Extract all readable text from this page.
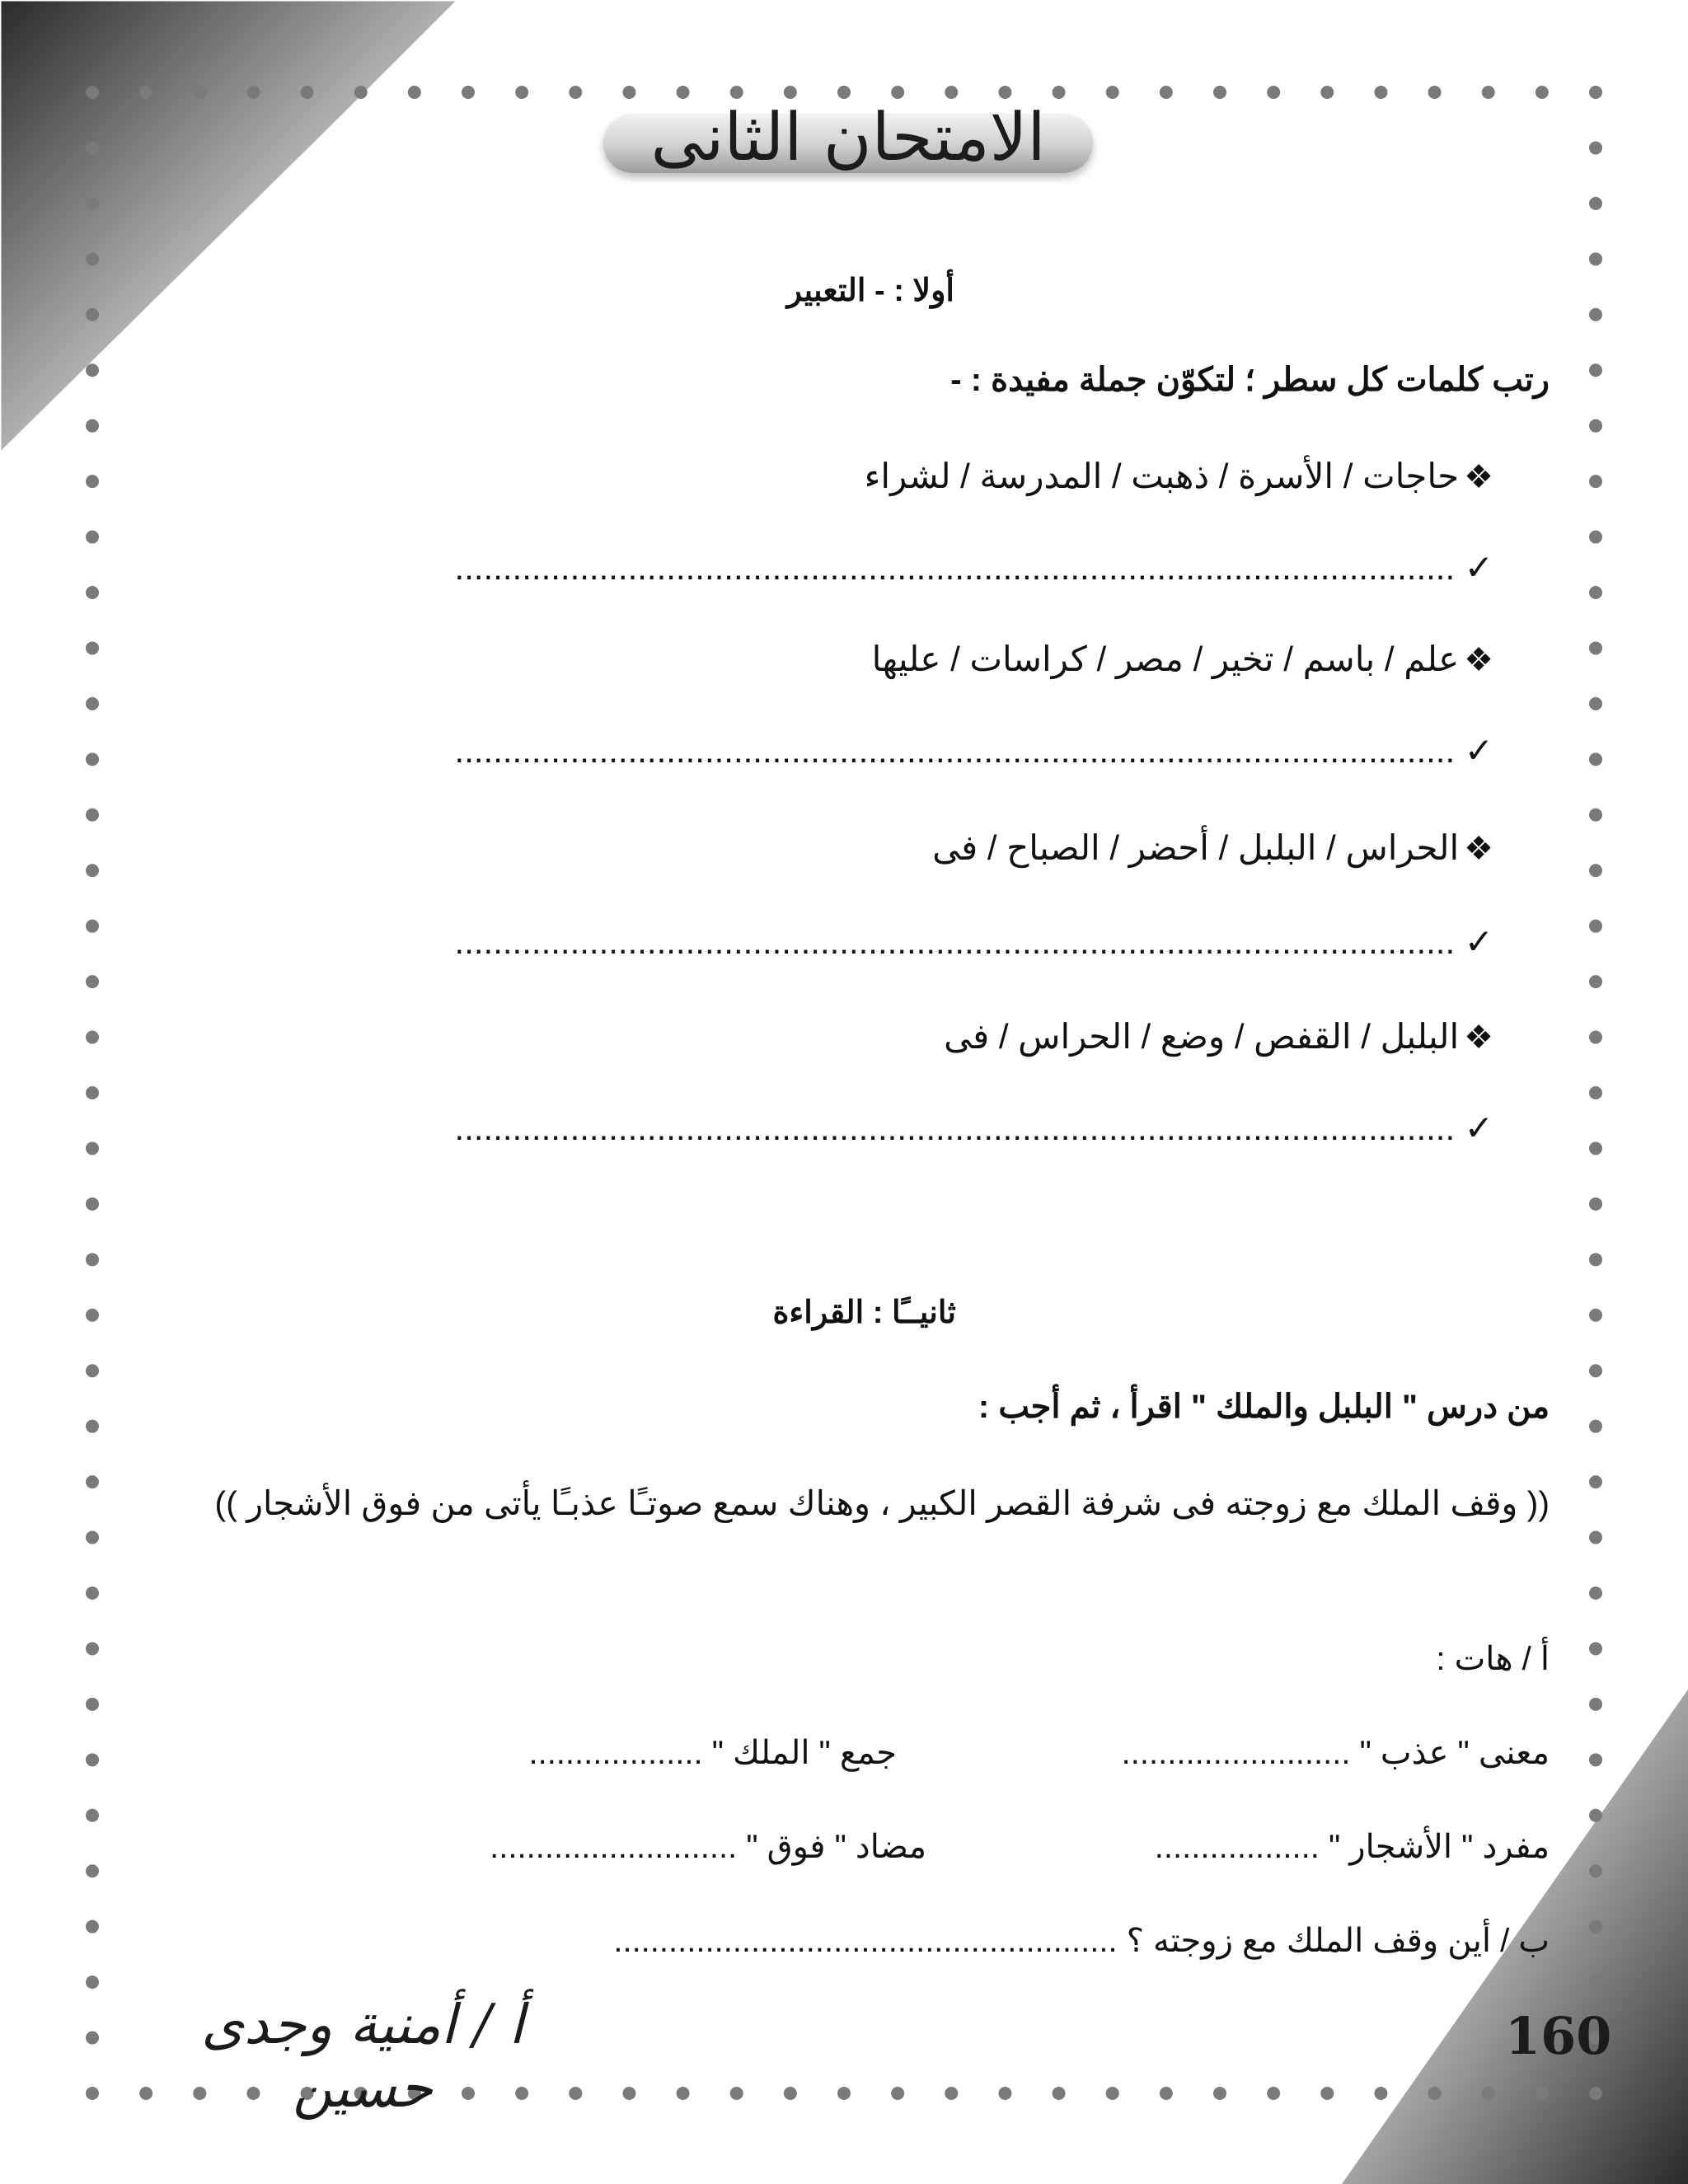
الامتحان الثانى
أولا : - التعبير
رتب كلمات كل سطر ؛ لتكوّن جملة مفيدة : -
❖حاجات / الأسرة / ذهبت / المدرسة / لشراء
✓ ........................................................................................................
❖علم / باسم / تخير / مصر / كراسات / عليها
✓ ........................................................................................................
❖الحراس / البلبل / أحضر / الصباح / فى
✓ ........................................................................................................
❖البلبل / القفص / وضع / الحراس / فى
✓ ........................................................................................................
ثانيــًا : القراءة
من درس " البلبل والملك " اقرأ ، ثم أجب :
(( وقف الملك مع زوجته فى شرفة القصر الكبير ، وهناك سمع صوتـًا عذبـًا يأتى من فوق الأشجار ))
أ / هات :
معنى " عذب " .........................
جمع " الملك " ...................
مفرد " الأشجار " ..................
مضاد " فوق " ...........................
ب / أين وقف الملك مع زوجته ؟ .......................................................
160
أ / أمنية وجدى حسين
